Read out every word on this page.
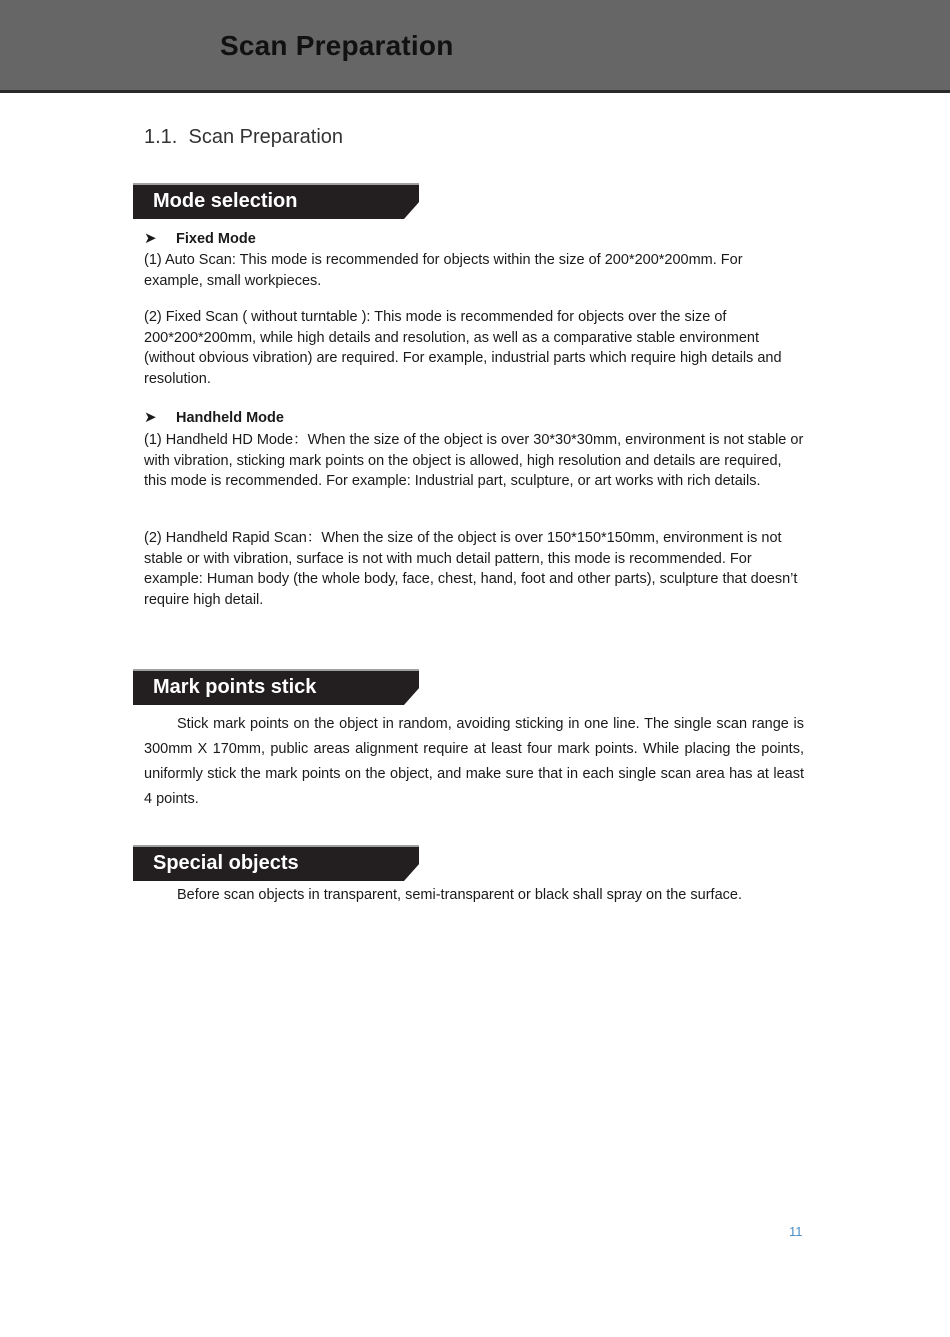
Scan Preparation
1.1. Scan Preparation
Mode selection
➤ Fixed Mode

(1) Auto Scan: This mode is recommended for objects within the size of 200*200*200mm. For example, small workpieces.

(2) Fixed Scan ( without turntable ): This mode is recommended for objects over the size of 200*200*200mm, while high details and resolution, as well as a comparative stable environment (without obvious vibration) are required. For example, industrial parts which require high details and resolution.

➤ Handheld Mode

(1) Handheld HD Mode：When the size of the object is over 30*30*30mm, environment is not stable or with vibration, sticking mark points on the object is allowed, high resolution and details are required, this mode is recommended. For example: Industrial part, sculpture, or art works with rich details.

(2) Handheld Rapid Scan：When the size of the object is over 150*150*150mm, environment is not stable or with vibration, surface is not with much detail pattern, this mode is recommended. For example: Human body (the whole body, face, chest, hand, foot and other parts), sculpture that doesn’t require high detail.

Mark points stick

Stick mark points on the object in random, avoiding sticking in one line. The single scan range is 300mm X 170mm, public areas alignment require at least four mark points. While placing the points, uniformly stick the mark points on the object, and make sure that in each single scan area has at least 4 points.

Special objects

Before scan objects in transparent, semi-transparent or black shall spray on the surface.

11
